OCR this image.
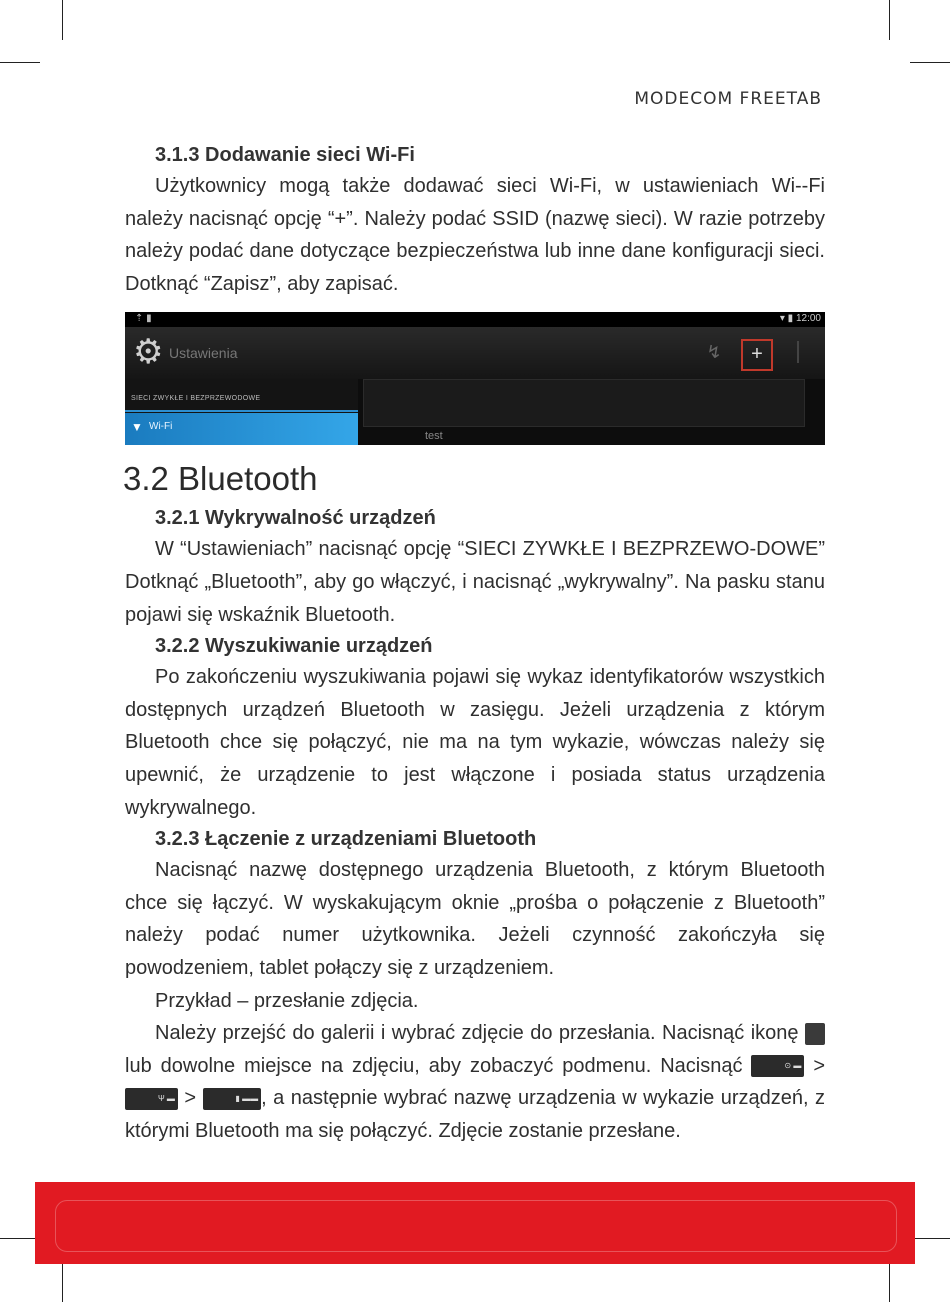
MODECOM FREETAB
3.1.3 Dodawanie sieci Wi-Fi

Użytkownicy mogą także dodawać sieci Wi-Fi, w ustawieniach Wi--Fi należy nacisnąć opcję “+”. Należy podać SSID (nazwę sieci). W razie potrzeby należy podać dane dotyczące bezpieczeństwa lub inne dane konfiguracji sieci. Dotknąć “Zapisz”, aby zapisać.

⇡ ▮	▾ ▮ 12:00
⚙ Ustawienia	↯	+
SIECI ZWYKŁE I BEZPRZEWODOWE
▼ Wi-Fi
test
3.2 Bluetooth
3.2.1 Wykrywalność urządzeń

W “Ustawieniach” nacisnąć opcję “SIECI ZYWKŁE I BEZPRZEWO-DOWE” Dotknąć „Bluetooth”, aby go włączyć, i nacisnąć „wykrywalny”. Na pasku stanu pojawi się wskaźnik Bluetooth.

3.2.2 Wyszukiwanie urządzeń

Po zakończeniu wyszukiwania pojawi się wykaz identyfikatorów wszystkich dostępnych urządzeń Bluetooth w zasięgu. Jeżeli urządzenia z którym Bluetooth chce się połączyć, nie ma na tym wykazie, wówczas należy się upewnić, że urządzenie to jest włączone i posiada status urządzenia wykrywalnego.

3.2.3 Łączenie z urządzeniami Bluetooth

Nacisnąć nazwę dostępnego urządzenia Bluetooth, z którym Bluetooth chce się łączyć. W wyskakującym oknie „prośba o połączenie z Bluetooth” należy podać numer użytkownika. Jeżeli czynność zakończyła się powodzeniem, tablet połączy się z urządzeniem.

Przykład – przesłanie zdjęcia.

Należy przejść do galerii i wybrać zdjęcie do przesłania. Nacisnąć ikonę  lub dowolne miejsce na zdjęciu, aby zobaczyć podmenu. Nacisnąć	⊙ ▬ > Ψ ▬ >	▮ ▬▬ , a następnie wybrać nazwę urządzenia w wykazie urządzeń, z którymi Bluetooth ma się połączyć. Zdjęcie zostanie przesłane.
